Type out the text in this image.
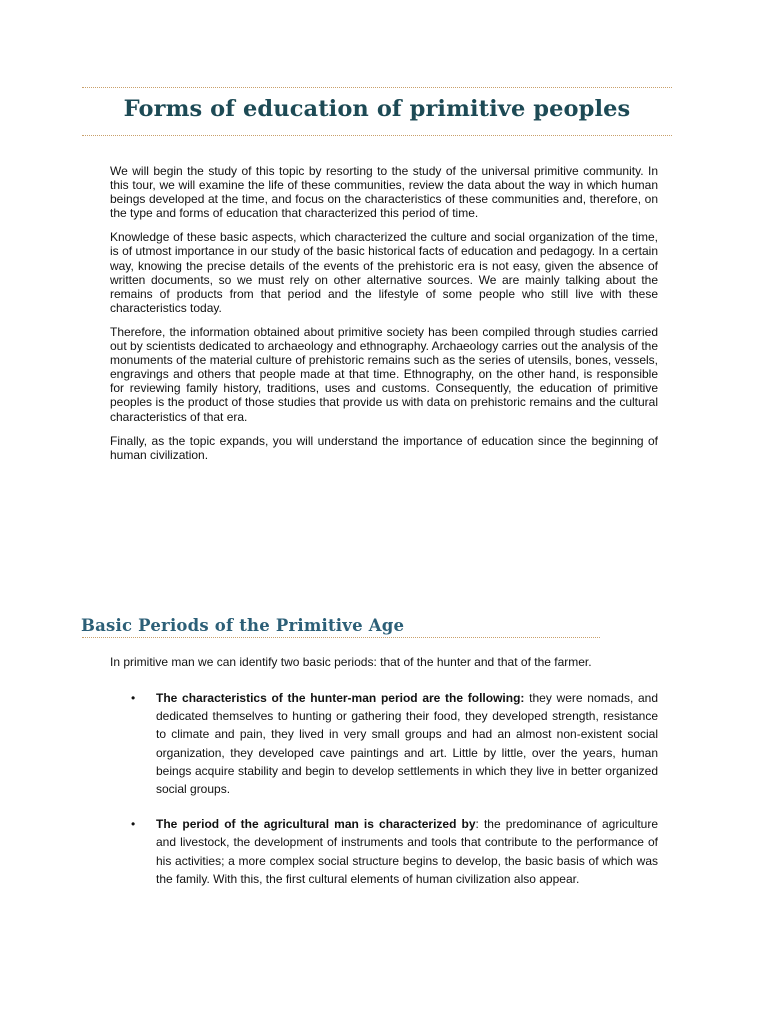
Forms of education of primitive peoples

We will begin the study of this topic by resorting to the study of the universal primitive community. In this tour, we will examine the life of these communities, review the data about the way in which human beings developed at the time, and focus on the characteristics of these communities and, therefore, on the type and forms of education that characterized this period of time.

Knowledge of these basic aspects, which characterized the culture and social organization of the time, is of utmost importance in our study of the basic historical facts of education and pedagogy. In a certain way, knowing the precise details of the events of the prehistoric era is not easy, given the absence of written documents, so we must rely on other alternative sources. We are mainly talking about the remains of products from that period and the lifestyle of some people who still live with these characteristics today.

Therefore, the information obtained about primitive society has been compiled through studies carried out by scientists dedicated to archaeology and ethnography. Archaeology carries out the analysis of the monuments of the material culture of prehistoric remains such as the series of utensils, bones, vessels, engravings and others that people made at that time. Ethnography, on the other hand, is responsible for reviewing family history, traditions, uses and customs. Consequently, the education of primitive peoples is the product of those studies that provide us with data on prehistoric remains and the cultural characteristics of that era.

Finally, as the topic expands, you will understand the importance of education since the beginning of human civilization.

Basic Periods of the Primitive Age

In primitive man we can identify two basic periods: that of the hunter and that of the farmer.

• The characteristics of the hunter-man period are the following: they were nomads, and dedicated themselves to hunting or gathering their food, they developed strength, resistance to climate and pain, they lived in very small groups and had an almost non-existent social organization, they developed cave paintings and art. Little by little, over the years, human beings acquire stability and begin to develop settlements in which they live in better organized social groups.
• The period of the agricultural man is characterized by: the predominance of agriculture and livestock, the development of instruments and tools that contribute to the performance of his activities; a more complex social structure begins to develop, the basic basis of which was the family. With this, the first cultural elements of human civilization also appear.
